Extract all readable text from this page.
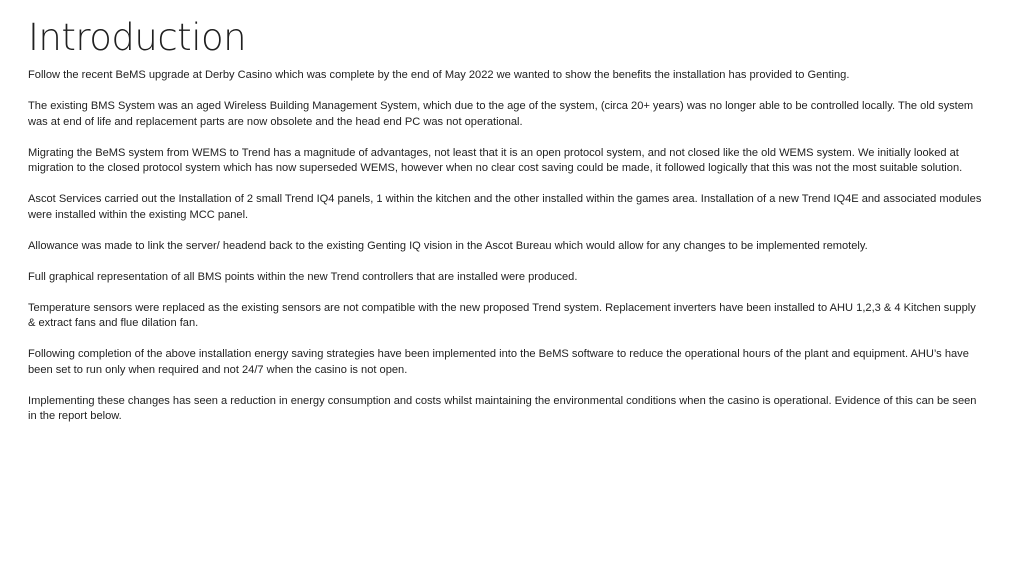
Introduction

Follow the recent BeMS upgrade at Derby Casino which was complete by the end of May 2022 we wanted to show the benefits the installation has provided to Genting.

The existing BMS System was an aged Wireless Building Management System, which due to the age of the system, (circa 20+ years) was no longer able to be controlled locally. The old system was at end of life and replacement parts are now obsolete and the head end PC was not operational.

Migrating the BeMS system from WEMS to Trend has a magnitude of advantages, not least that it is an open protocol system, and not closed like the old WEMS system. We initially looked at migration to the closed protocol system which has now superseded WEMS, however when no clear cost saving could be made, it followed logically that this was not the most suitable solution.

Ascot Services carried out the Installation of 2 small Trend IQ4 panels, 1 within the kitchen and the other installed within the games area. Installation of a new Trend IQ4E and associated modules were installed within the existing MCC panel.

Allowance was made to link the server/ headend back to the existing Genting IQ vision in the Ascot Bureau which would allow for any changes to be implemented remotely.

Full graphical representation of all BMS points within the new Trend controllers that are installed were produced.

Temperature sensors were replaced as the existing sensors are not compatible with the new proposed Trend system. Replacement inverters have been installed to AHU 1,2,3 & 4 Kitchen supply & extract fans and flue dilation fan.

Following completion of the above installation energy saving strategies have been implemented into the BeMS software to reduce the operational hours of the plant and equipment. AHU’s have been set to run only when required and not 24/7 when the casino is not open.

Implementing these changes has seen a reduction in energy consumption and costs whilst maintaining the environmental conditions when the casino is operational. Evidence of this can be seen in the report below.
